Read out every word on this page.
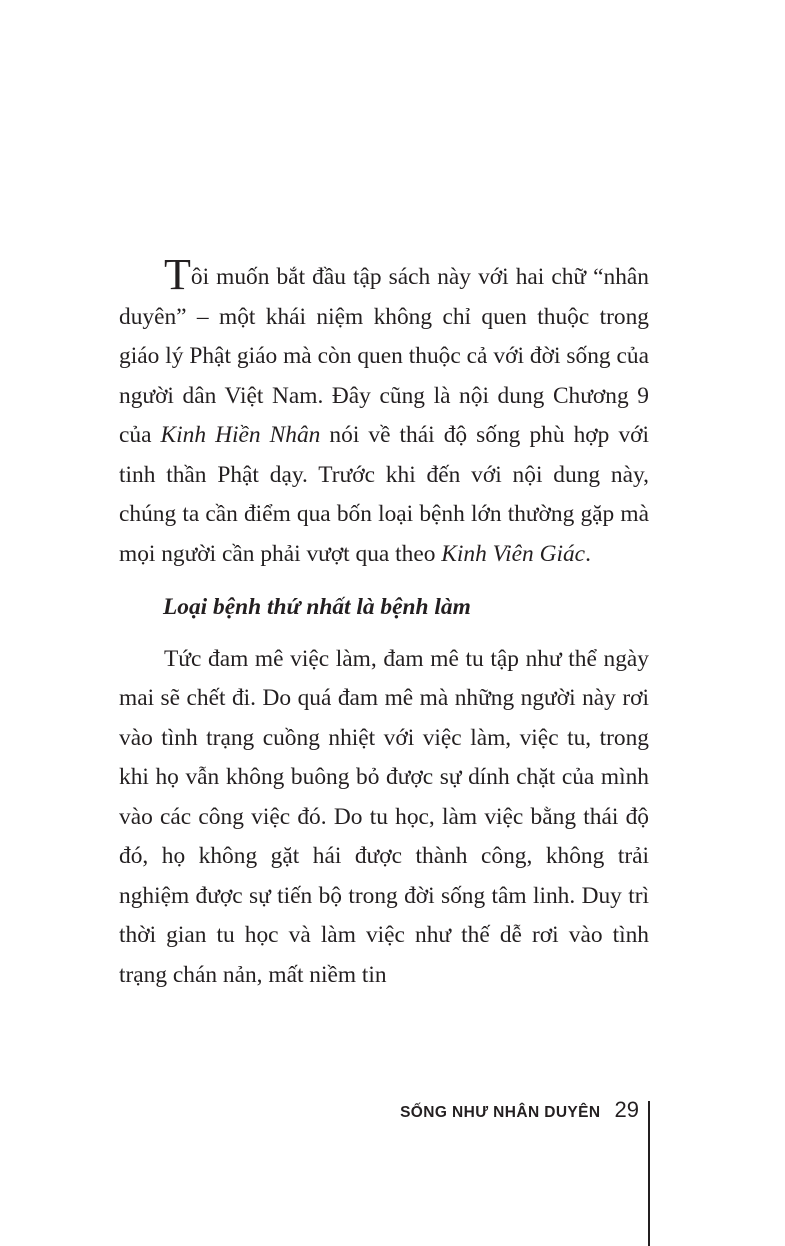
Tôi muốn bắt đầu tập sách này với hai chữ “nhân duyên” – một khái niệm không chỉ quen thuộc trong giáo lý Phật giáo mà còn quen thuộc cả với đời sống của người dân Việt Nam. Đây cũng là nội dung Chương 9 của Kinh Hiền Nhân nói về thái độ sống phù hợp với tinh thần Phật dạy. Trước khi đến với nội dung này, chúng ta cần điểm qua bốn loại bệnh lớn thường gặp mà mọi người cần phải vượt qua theo Kinh Viên Giác.

Loại bệnh thứ nhất là bệnh làm

Tức đam mê việc làm, đam mê tu tập như thể ngày mai sẽ chết đi. Do quá đam mê mà những người này rơi vào tình trạng cuồng nhiệt với việc làm, việc tu, trong khi họ vẫn không buông bỏ được sự dính chặt của mình vào các công việc đó. Do tu học, làm việc bằng thái độ đó, họ không gặt hái được thành công, không trải nghiệm được sự tiến bộ trong đời sống tâm linh. Duy trì thời gian tu học và làm việc như thế dễ rơi vào tình trạng chán nản, mất niềm tin

SỐNG NHƯ NHÂN DUYÊN 29
